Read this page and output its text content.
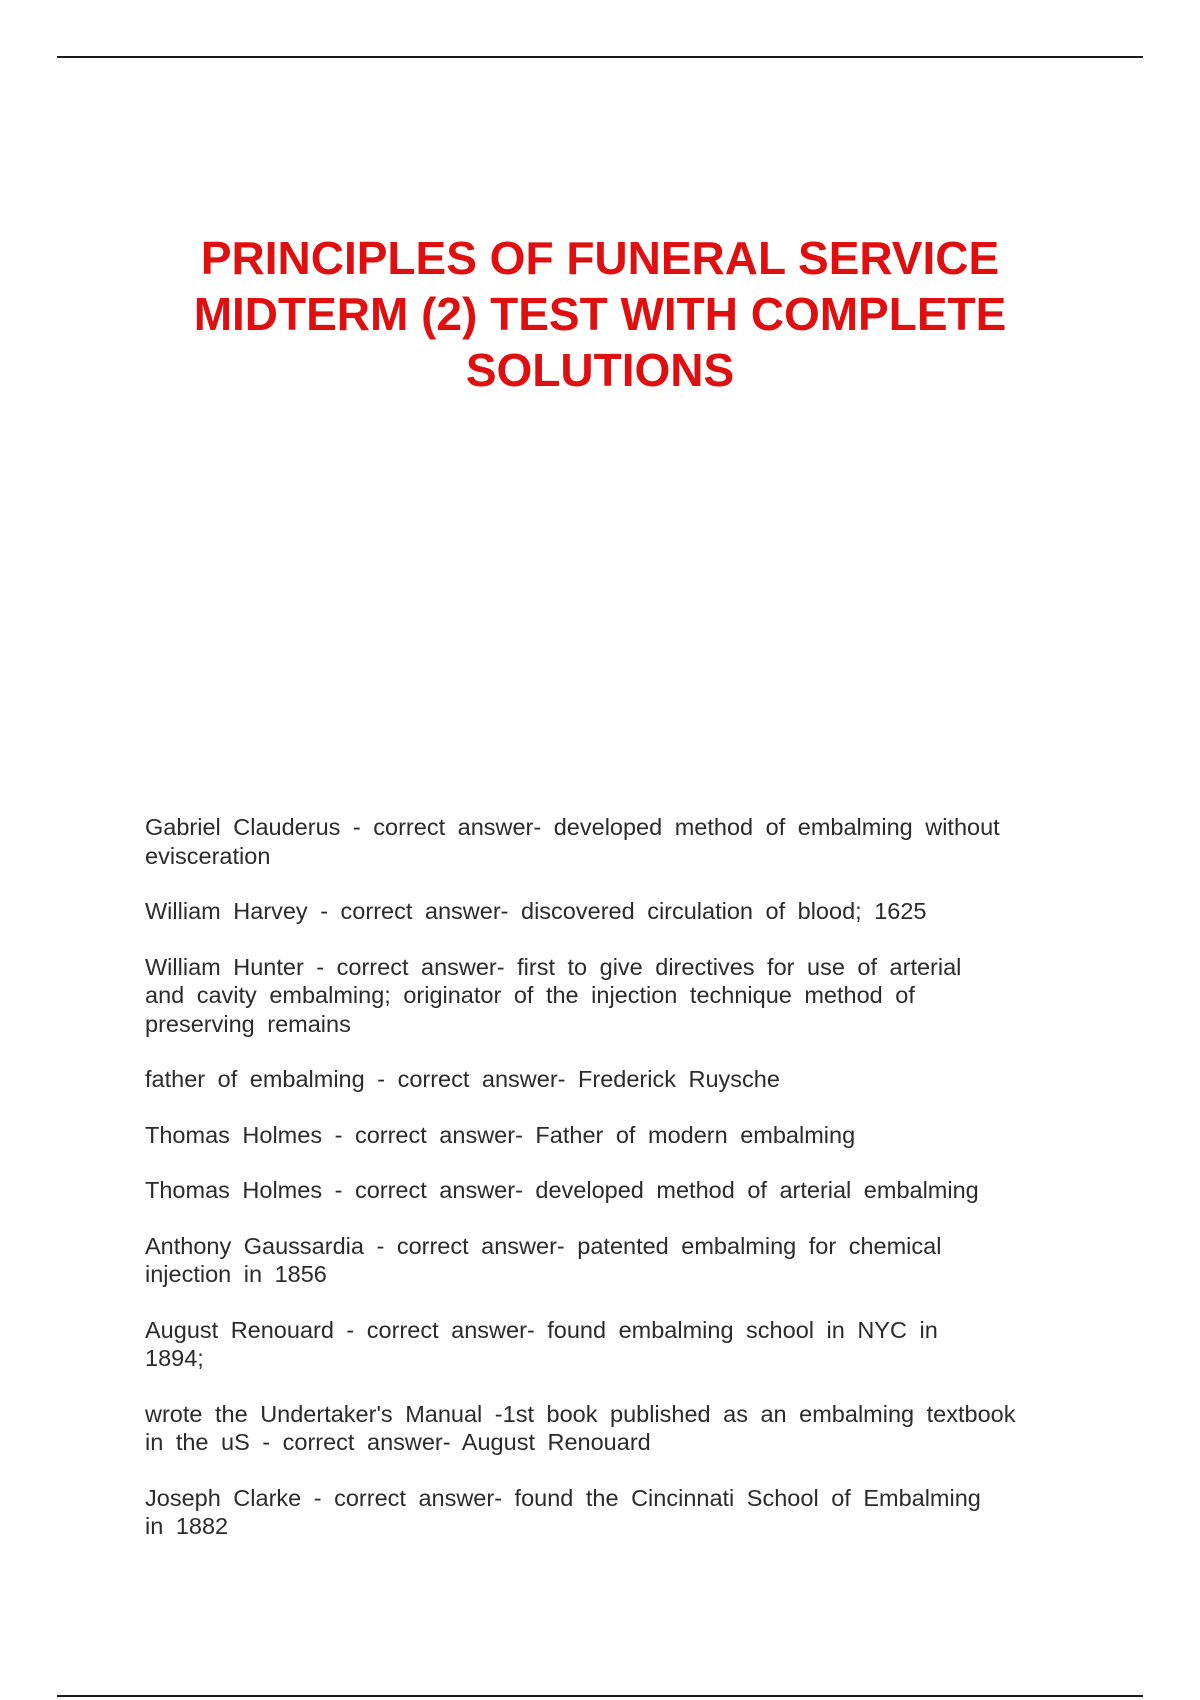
PRINCIPLES OF FUNERAL SERVICE
MIDTERM (2) TEST WITH COMPLETE
SOLUTIONS
Gabriel Clauderus - correct answer- developed method of embalming without
evisceration
William Harvey - correct answer- discovered circulation of blood; 1625
William Hunter - correct answer- first to give directives for use of arterial
and cavity embalming; originator of the injection technique method of
preserving remains
father of embalming - correct answer- Frederick Ruysche
Thomas Holmes - correct answer- Father of modern embalming
Thomas Holmes - correct answer- developed method of arterial embalming
Anthony Gaussardia - correct answer- patented embalming for chemical
injection in 1856
August Renouard - correct answer- found embalming school in NYC in
1894;
wrote the Undertaker's Manual -1st book published as an embalming textbook
in the uS - correct answer- August Renouard
Joseph Clarke - correct answer- found the Cincinnati School of Embalming
in 1882
